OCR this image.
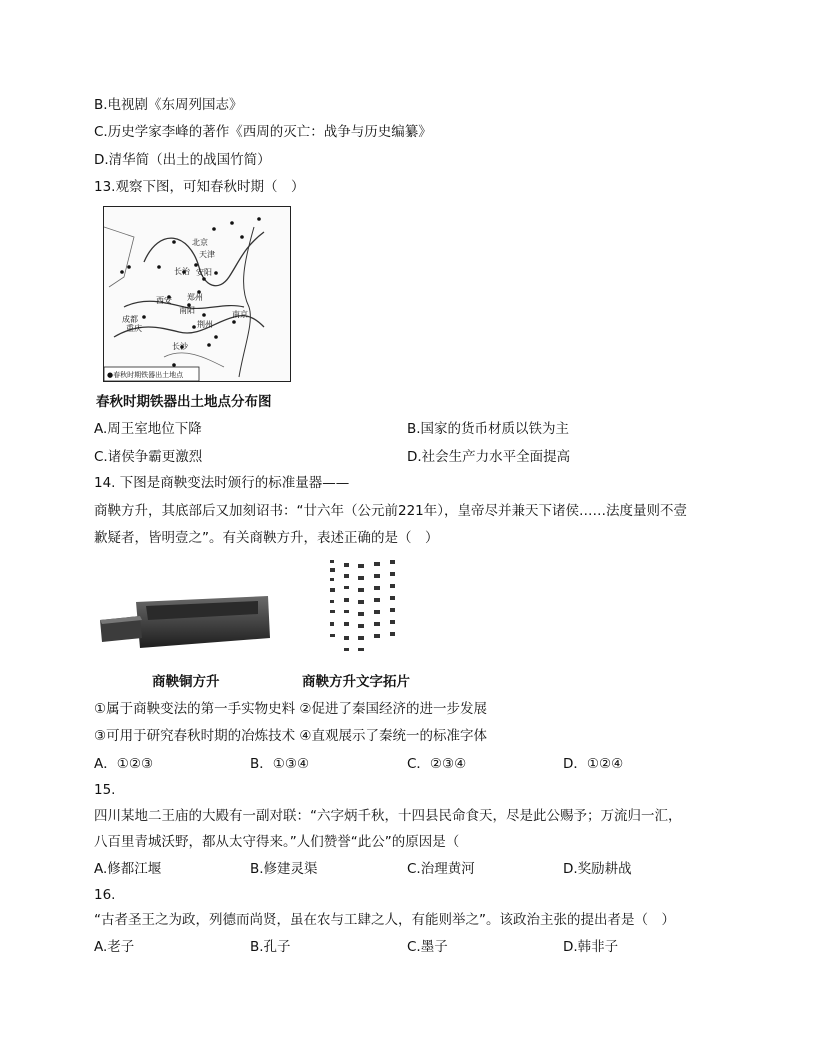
B.电视剧《东周列国志》
C.历史学家李峰的著作《西周的灭亡：战争与历史编纂》
D.清华简（出土的战国竹简）
13.观察下图，可知春秋时期（　）
北京
天津
长治 安阳
西安 郑州
南阳
成都
重庆	荆州
南京
长沙
●春秋时期铁器出土地点
春秋时期铁器出土地点分布图
A.周王室地位下降	B.国家的货币材质以铁为主
C.诸侯争霸更激烈	D.社会生产力水平全面提高
14. 下图是商鞅变法时颁行的标准量器——
商鞅方升，其底部后又加刻诏书：“廿六年（公元前221年），皇帝尽并兼天下诸侯……法度量则不壹
歉疑者，皆明壹之”。有关商鞅方升，表述正确的是（　）
商鞅铜方升	商鞅方升文字拓片
①属于商鞅变法的第一手实物史料 ②促进了秦国经济的进一步发展
③可用于研究春秋时期的冶炼技术 ④直观展示了秦统一的标准字体
A．①②③	B．①③④	C．②③④	D．①②④
15.
四川某地二王庙的大殿有一副对联：“六字炳千秋，十四县民命食天，尽是此公赐予；万流归一汇，
八百里青城沃野，都从太守得来。”人们赞誉“此公”的原因是（
A.修都江堰	B.修建灵渠	C.治理黄河	D.奖励耕战
16.
“古者圣王之为政，列德而尚贤，虽在农与工肆之人，有能则举之”。该政治主张的提出者是（　）
A.老子	B.孔子	C.墨子	D.韩非子
